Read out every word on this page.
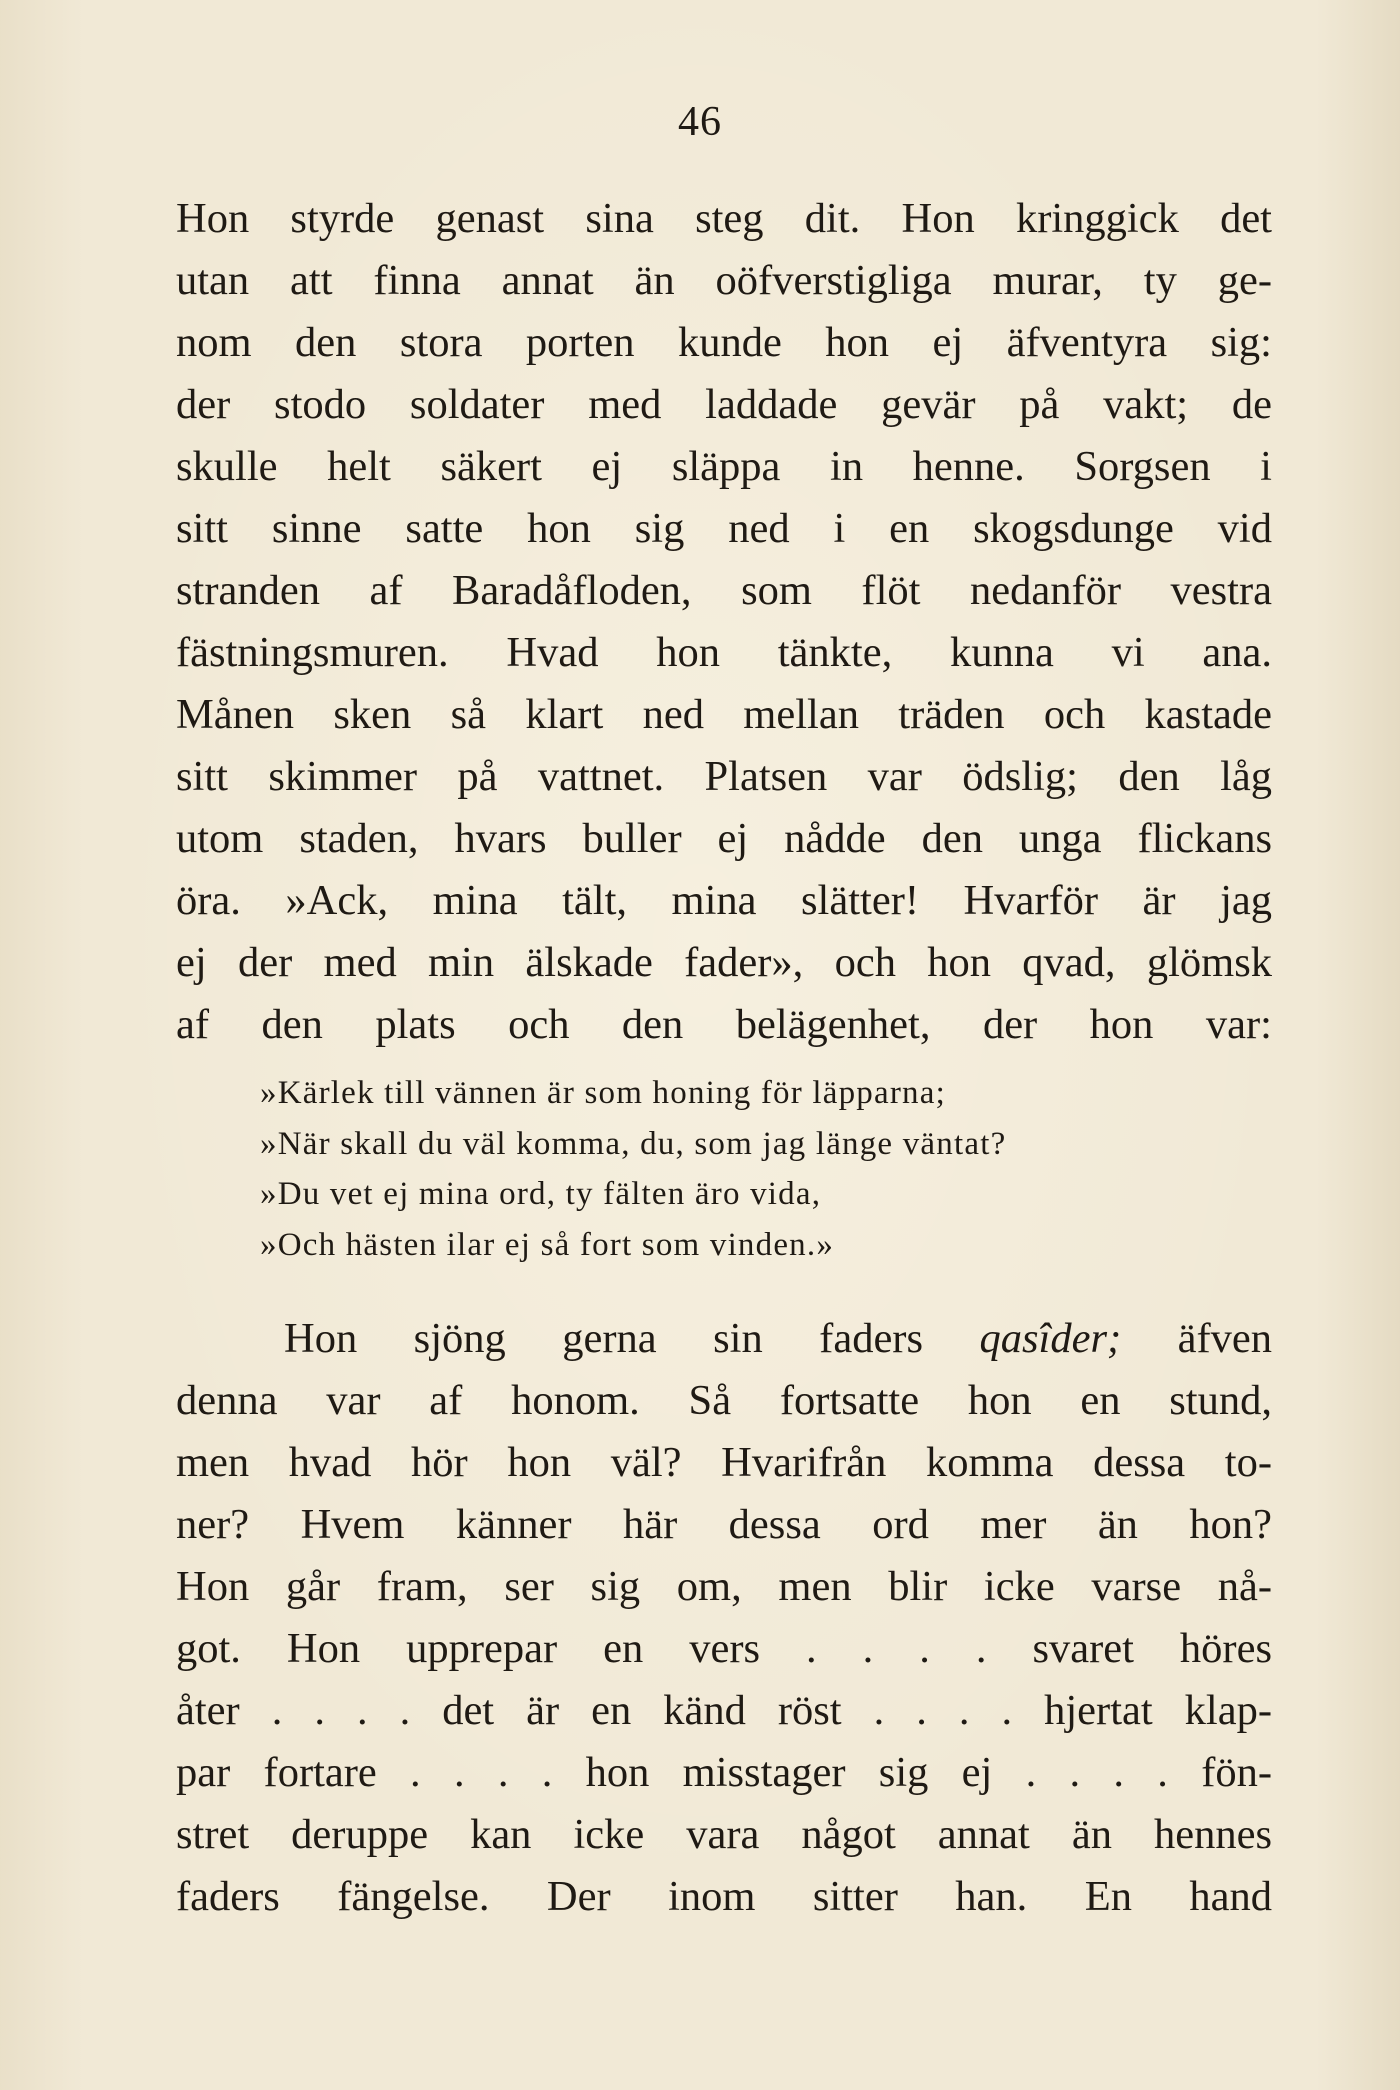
46
Hon styrde genast sina steg dit. Hon kringgick det
utan att finna annat än oöfverstigliga murar, ty ge-
nom den stora porten kunde hon ej äfventyra sig:
der stodo soldater med laddade gevär på vakt; de
skulle helt säkert ej släppa in henne. Sorgsen i
sitt sinne satte hon sig ned i en skogsdunge vid
stranden af Baradåfloden, som flöt nedanför vestra
fästningsmuren. Hvad hon tänkte, kunna vi ana.
Månen sken så klart ned mellan träden och kastade
sitt skimmer på vattnet. Platsen var ödslig; den låg
utom staden, hvars buller ej nådde den unga flickans
öra. »Ack, mina tält, mina slätter! Hvarför är jag
ej der med min älskade fader», och hon qvad, glömsk
af den plats och den belägenhet, der hon var:
»Kärlek till vännen är som honing för läpparna;
»När skall du väl komma, du, som jag länge väntat?
»Du vet ej mina ord, ty fälten äro vida,
»Och hästen ilar ej så fort som vinden.»
Hon sjöng gerna sin faders qasîder; äfven
denna var af honom. Så fortsatte hon en stund,
men hvad hör hon väl? Hvarifrån komma dessa to-
ner? Hvem känner här dessa ord mer än hon?
Hon går fram, ser sig om, men blir icke varse nå-
got. Hon upprepar en vers . . . . svaret höres
åter . . . . det är en känd röst . . . . hjertat klap-
par fortare . . . . hon misstager sig ej . . . . fön-
stret deruppe kan icke vara något annat än hennes
faders fängelse. Der inom sitter han. En hand
